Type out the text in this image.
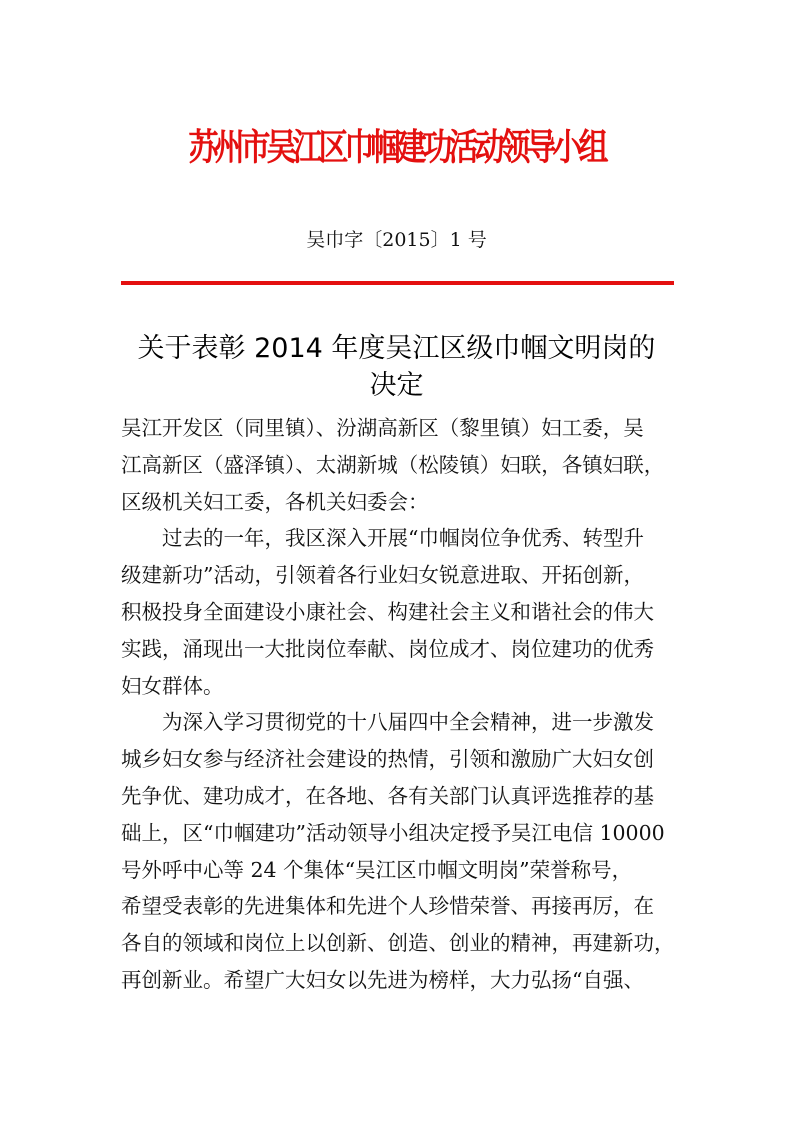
苏州市吴江区巾帼建功活动领导小组
吴巾字〔2015〕1 号
关于表彰 2014 年度吴江区级巾帼文明岗的
决定
吴江开发区（同里镇）、汾湖高新区（黎里镇）妇工委，吴
江高新区（盛泽镇）、太湖新城（松陵镇）妇联，各镇妇联，
区级机关妇工委，各机关妇委会：
过去的一年，我区深入开展“巾帼岗位争优秀、转型升
级建新功”活动，引领着各行业妇女锐意进取、开拓创新，
积极投身全面建设小康社会、构建社会主义和谐社会的伟大
实践，涌现出一大批岗位奉献、岗位成才、岗位建功的优秀
妇女群体。
为深入学习贯彻党的十八届四中全会精神，进一步激发
城乡妇女参与经济社会建设的热情，引领和激励广大妇女创
先争优、建功成才，在各地、各有关部门认真评选推荐的基
础上，区“巾帼建功”活动领导小组决定授予吴江电信 10000
号外呼中心等 24 个集体“吴江区巾帼文明岗”荣誉称号，
希望受表彰的先进集体和先进个人珍惜荣誉、再接再厉，在
各自的领域和岗位上以创新、创造、创业的精神，再建新功，
再创新业。希望广大妇女以先进为榜样，大力弘扬“自强、
